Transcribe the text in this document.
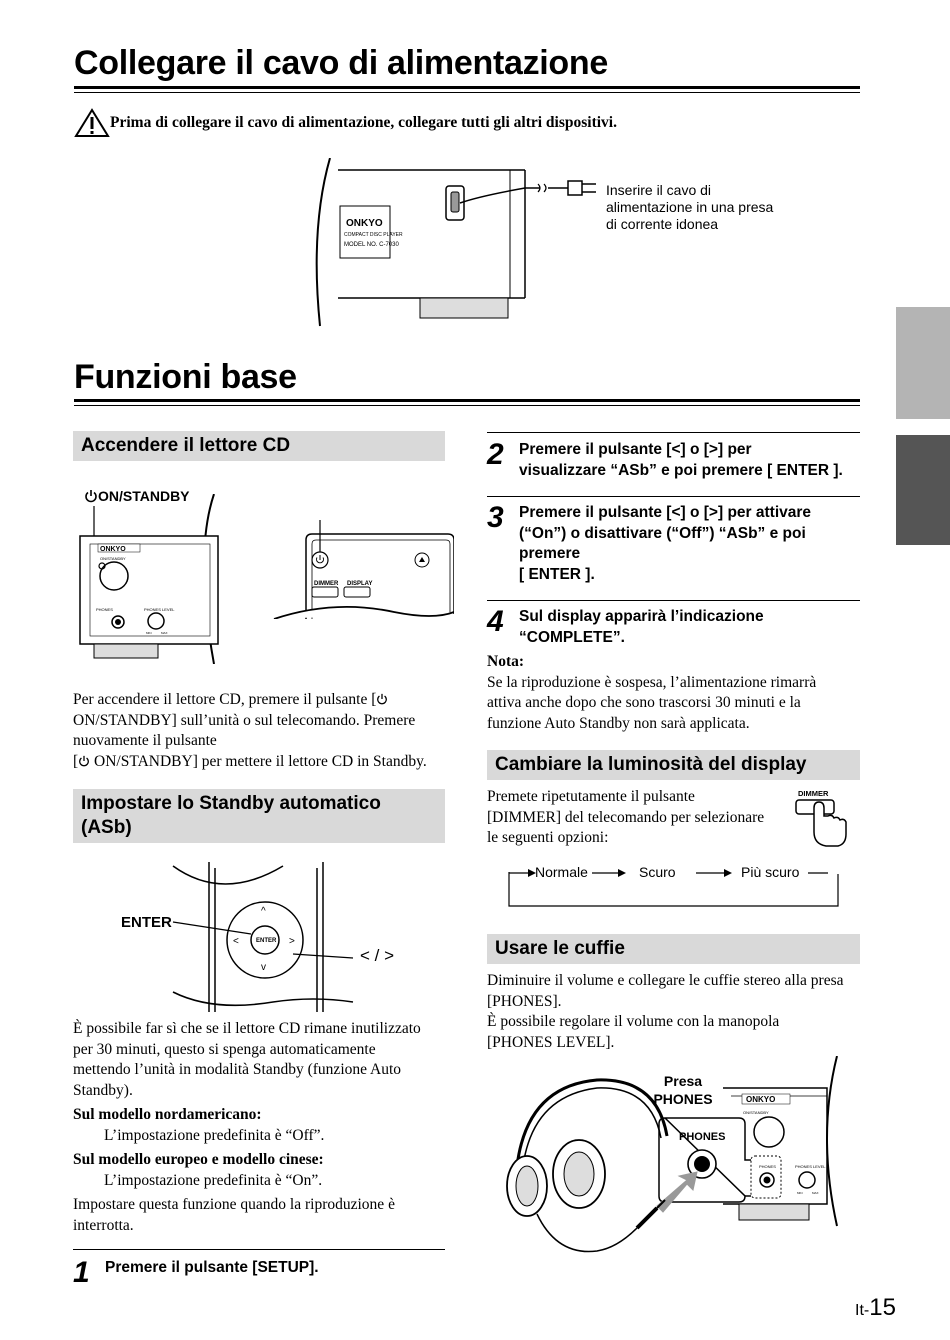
Collegare il cavo di alimentazione
Prima di collegare il cavo di alimentazione, collegare tutti gli altri dispositivi.
ONKYO
COMPACT DISC PLAYER
MODEL NO. C-7030
Inserire il cavo di
alimentazione in una presa
di corrente idonea
Funzioni base
Accendere il lettore CD
ON/STANDBY
ONKYO
ON/STANDBY
PHONES	PHONES LEVEL
MIN	MAX
DIMMER DISPLAY
Per accendere il lettore CD, premere il pulsante [
ON/STANDBY] sull’unità o sul telecomando. Premere
nuovamente il pulsante
[ ON/STANDBY] per mettere il lettore CD in Standby.
Impostare lo Standby automatico
(ASb)
ENTER
^
<	>
v
ENTER
< / >
È possibile far sì che se il lettore CD rimane inutilizzato
per 30 minuti, questo si spenga automaticamente
mettendo l’unità in modalità Standby (funzione Auto
Standby).
Sul modello nordamericano:
L’impostazione predefinita è “Off”.
Sul modello europeo e modello cinese:
L’impostazione predefinita è “On”.
Impostare questa funzione quando la riproduzione è
interrotta.
1 Premere il pulsante [SETUP].
2 Premere il pulsante [<] o [>] per
visualizzare “ASb” e poi premere [ ENTER ].
3 Premere il pulsante [<] o [>] per attivare
(“On”) o disattivare (“Off”) “ASb” e poi
premere
[ ENTER ].
4 Sul display apparirà l’indicazione
“COMPLETE”.
Nota:
Se la riproduzione è sospesa, l’alimentazione rimarrà
attiva anche dopo che sono trascorsi 30 minuti e la
funzione Auto Standby non sarà applicata.
Cambiare la luminosità del display
Premete ripetutamente il pulsante
[DIMMER] del telecomando per selezionare
le seguenti opzioni:
DIMMER
Normale	Scuro	Più scuro
Usare le cuffie
Diminuire il volume e collegare le cuffie stereo alla presa
[PHONES].
È possibile regolare il volume con la manopola
[PHONES LEVEL].
Presa
PHONES	ONKYO
ON/STANDBY
PHONES	PHONES LEVEL
MIN	MAX
PHONES
It-15
